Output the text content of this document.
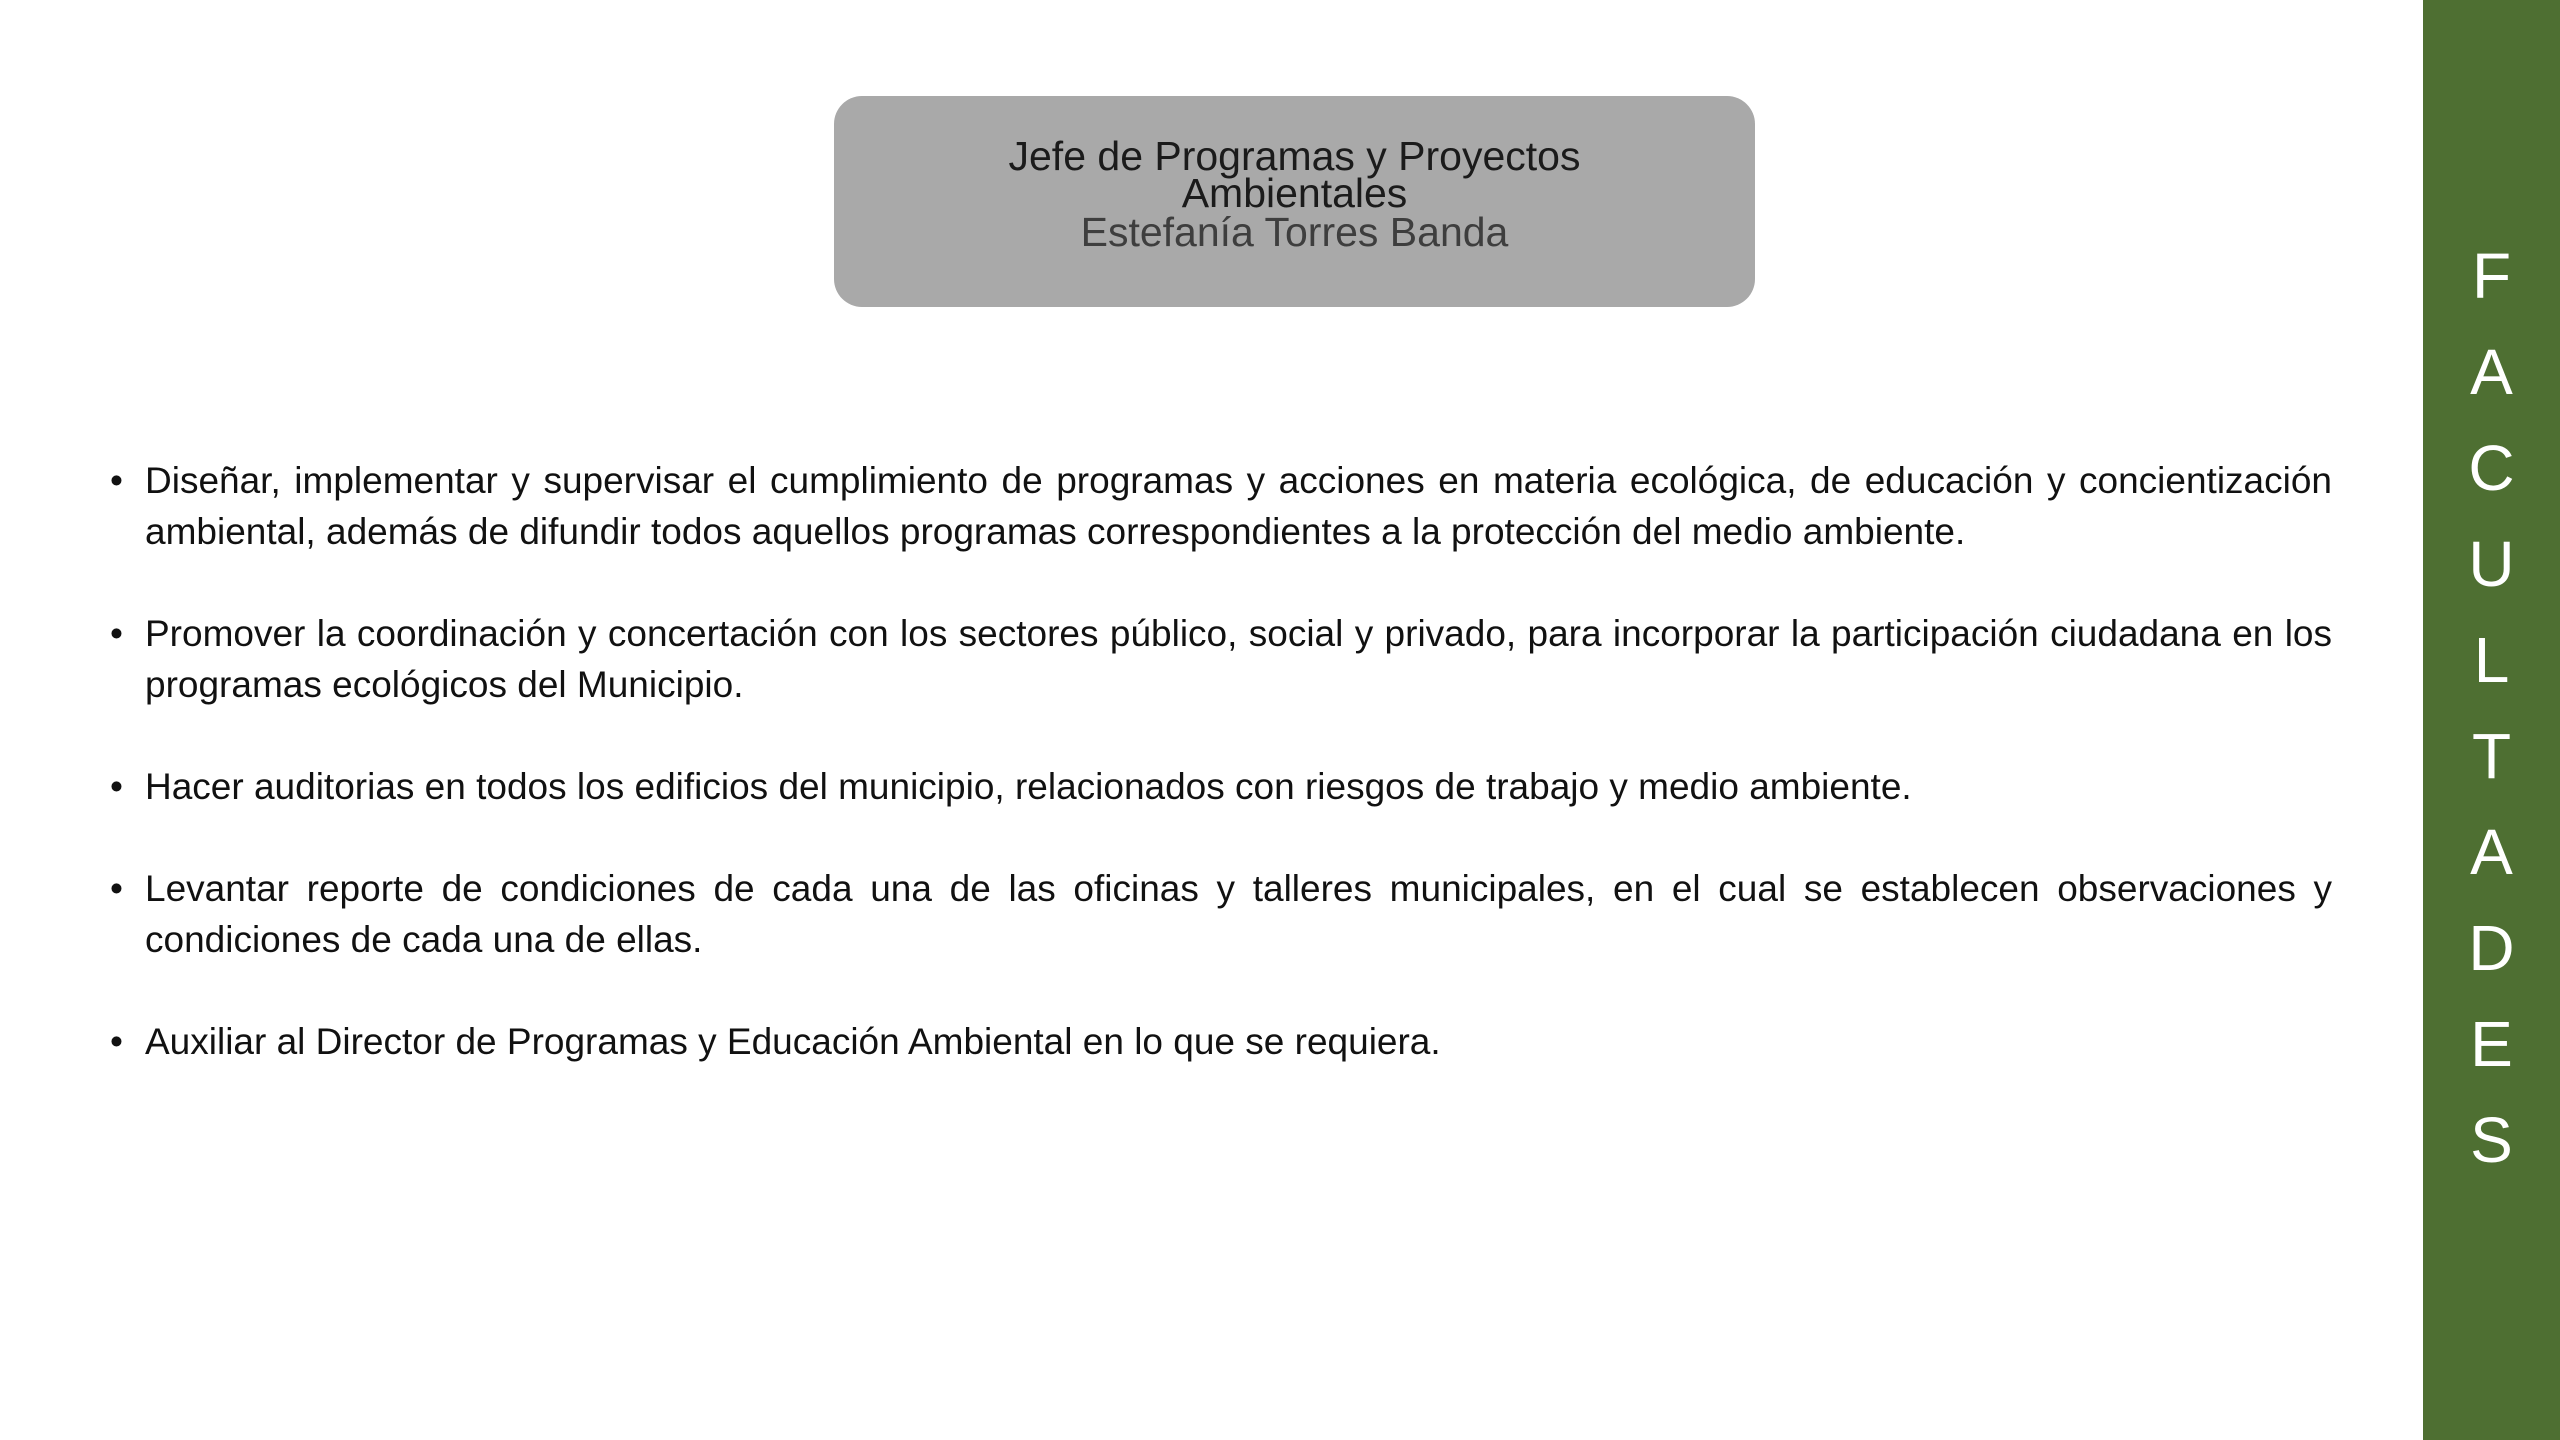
Jefe de Programas y Proyectos Ambientales
Estefanía Torres Banda
• Diseñar, implementar y supervisar el cumplimiento de programas y acciones en materia ecológica, de educación y concientización ambiental, además de difundir todos aquellos programas correspondientes a la protección del medio ambiente.
• Promover la coordinación y concertación con los sectores público, social y privado, para incorporar la participación ciudadana en los programas ecológicos del Municipio.
• Hacer auditorias en todos los edificios del municipio, relacionados con riesgos de trabajo y medio ambiente.
• Levantar reporte de condiciones de cada una de las oficinas y talleres municipales, en el cual se establecen observaciones y condiciones de cada una de ellas.
• Auxiliar al Director de Programas y Educación Ambiental en lo que se requiera.
F
A
C
U
L
T
A
D
E
S
